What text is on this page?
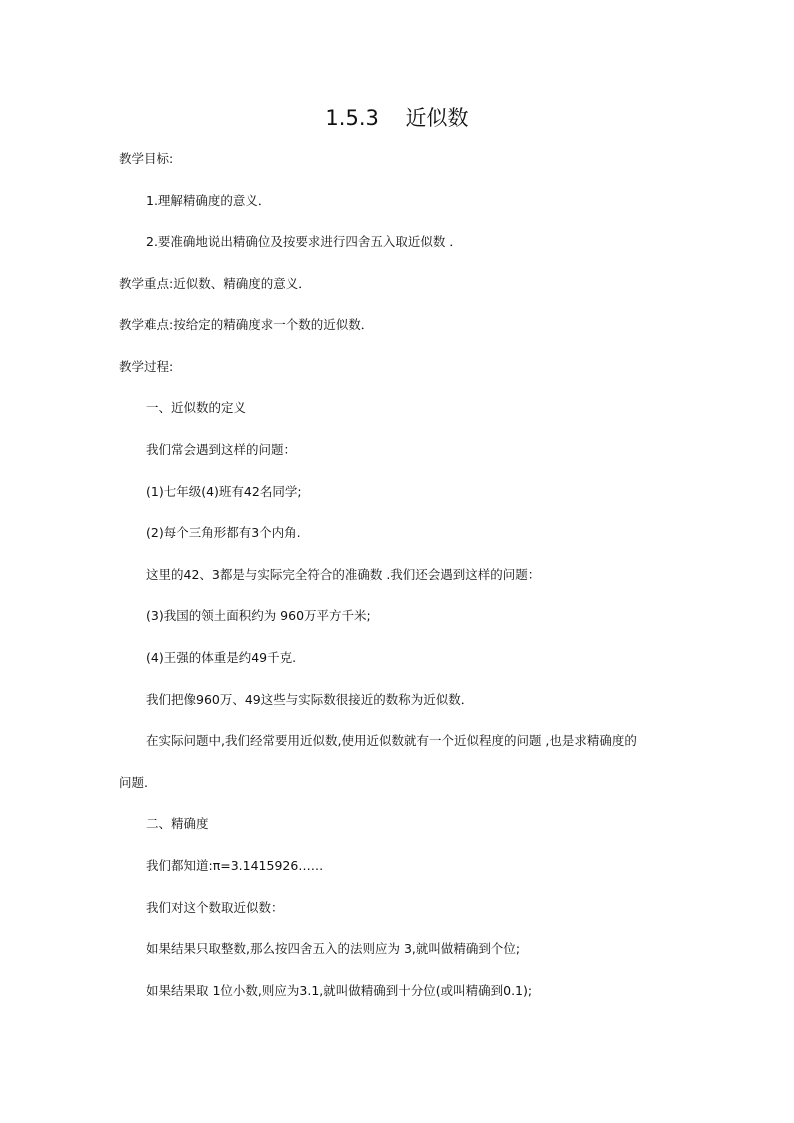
1.5.3    近似数
教学目标:
1.理解精确度的意义．
2.要准确地说出精确位及按要求进行四舍五入取近似数 ．
教学重点:近似数、精确度的意义．
教学难点:按给定的精确度求一个数的近似数．
教学过程:
一、近似数的定义
我们常会遇到这样的问题：
(1)七年级(4)班有42名同学;
(2)每个三角形都有3个内角.
这里的42、3都是与实际完全符合的准确数 .我们还会遇到这样的问题：
(3)我国的领土面积约为 960万平方千米;
(4)王强的体重是约49千克.
我们把像960万、49这些与实际数很接近的数称为近似数．
在实际问题中,我们经常要用近似数,使用近似数就有一个近似程度的问题 ,也是求精确度的
问题.
二、精确度
我们都知道:π=3.1415926……
我们对这个数取近似数：
如果结果只取整数,那么按四舍五入的法则应为 3,就叫做精确到个位;
如果结果取 1位小数,则应为3.1,就叫做精确到十分位(或叫精确到0.1);
